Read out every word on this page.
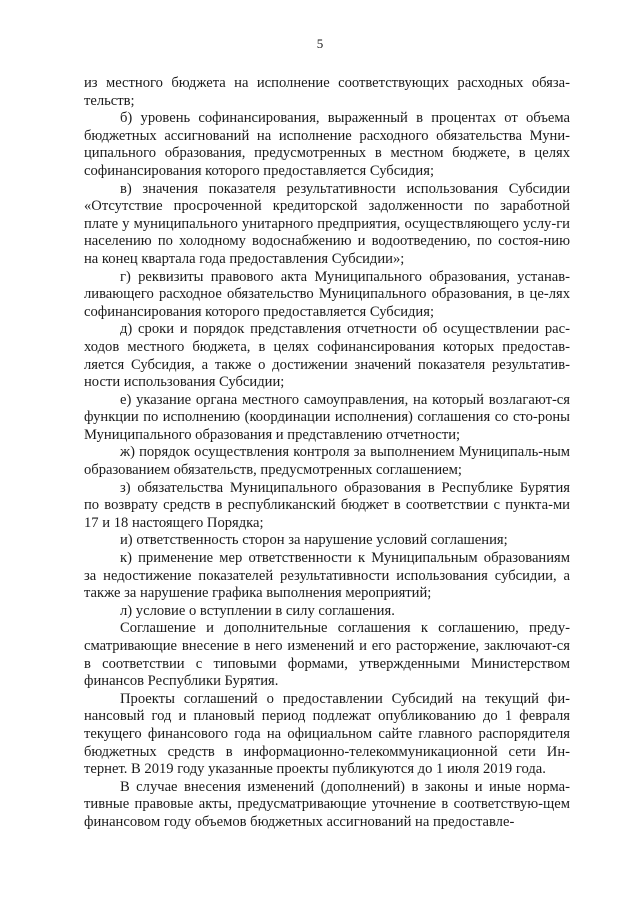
5

из местного бюджета на исполнение соответствующих расходных обяза-тельств;

б) уровень софинансирования, выраженный в процентах от объема бюджетных ассигнований на исполнение расходного обязательства Муни-ципального образования, предусмотренных в местном бюджете, в целях софинансирования которого предоставляется Субсидия;

в) значения показателя результативности использования Субсидии «Отсутствие просроченной кредиторской задолженности по заработной плате у муниципального унитарного предприятия, осуществляющего услу-ги населению по холодному водоснабжению и водоотведению, по состоя-нию на конец квартала года предоставления Субсидии»;

г) реквизиты правового акта Муниципального образования, устанав-ливающего расходное обязательство Муниципального образования, в це-лях софинансирования которого предоставляется Субсидия;

д) сроки и порядок представления отчетности об осуществлении рас-ходов местного бюджета, в целях софинансирования которых предостав-ляется Субсидия, а также о достижении значений показателя результатив-ности использования Субсидии;

е) указание органа местного самоуправления, на который возлагают-ся функции по исполнению (координации исполнения) соглашения со сто-роны Муниципального образования и представлению отчетности;

ж) порядок осуществления контроля за выполнением Муниципаль-ным образованием обязательств, предусмотренных соглашением;

з) обязательства Муниципального образования в Республике Бурятия по возврату средств в республиканский бюджет в соответствии с пункта-ми 17 и 18 настоящего Порядка;

и) ответственность сторон за нарушение условий соглашения;

к) применение мер ответственности к Муниципальным образованиям за недостижение показателей результативности использования субсидии, а также за нарушение графика выполнения мероприятий;

л) условие о вступлении в силу соглашения.

Соглашение и дополнительные соглашения к соглашению, преду-сматривающие внесение в него изменений и его расторжение, заключают-ся в соответствии с типовыми формами, утвержденными Министерством финансов Республики Бурятия.

Проекты соглашений о предоставлении Субсидий на текущий фи-нансовый год и плановый период подлежат опубликованию до 1 февраля текущего финансового года на официальном сайте главного распорядителя бюджетных средств в информационно-телекоммуникационной сети Ин-тернет. В 2019 году указанные проекты публикуются до 1 июля 2019 года.

В случае внесения изменений (дополнений) в законы и иные норма-тивные правовые акты, предусматривающие уточнение в соответствую-щем финансовом году объемов бюджетных ассигнований на предоставле-
